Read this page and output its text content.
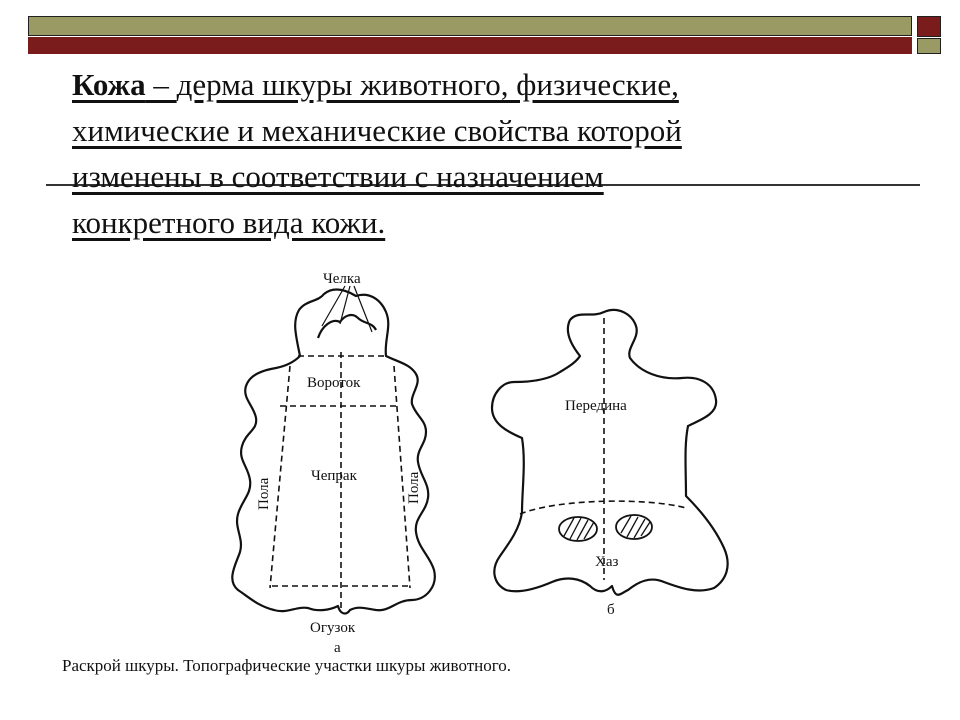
Кожа – дерма шкуры животного, физические,
химические и механические свойства которой
изменены в соответствии с назначением
конкретного вида кожи.
Челка
Вороток
Чепрак
Пола	Пола
Огузок
а
Передина
Хаз
б
Раскрой шкуры. Топографические участки шкуры животного.
